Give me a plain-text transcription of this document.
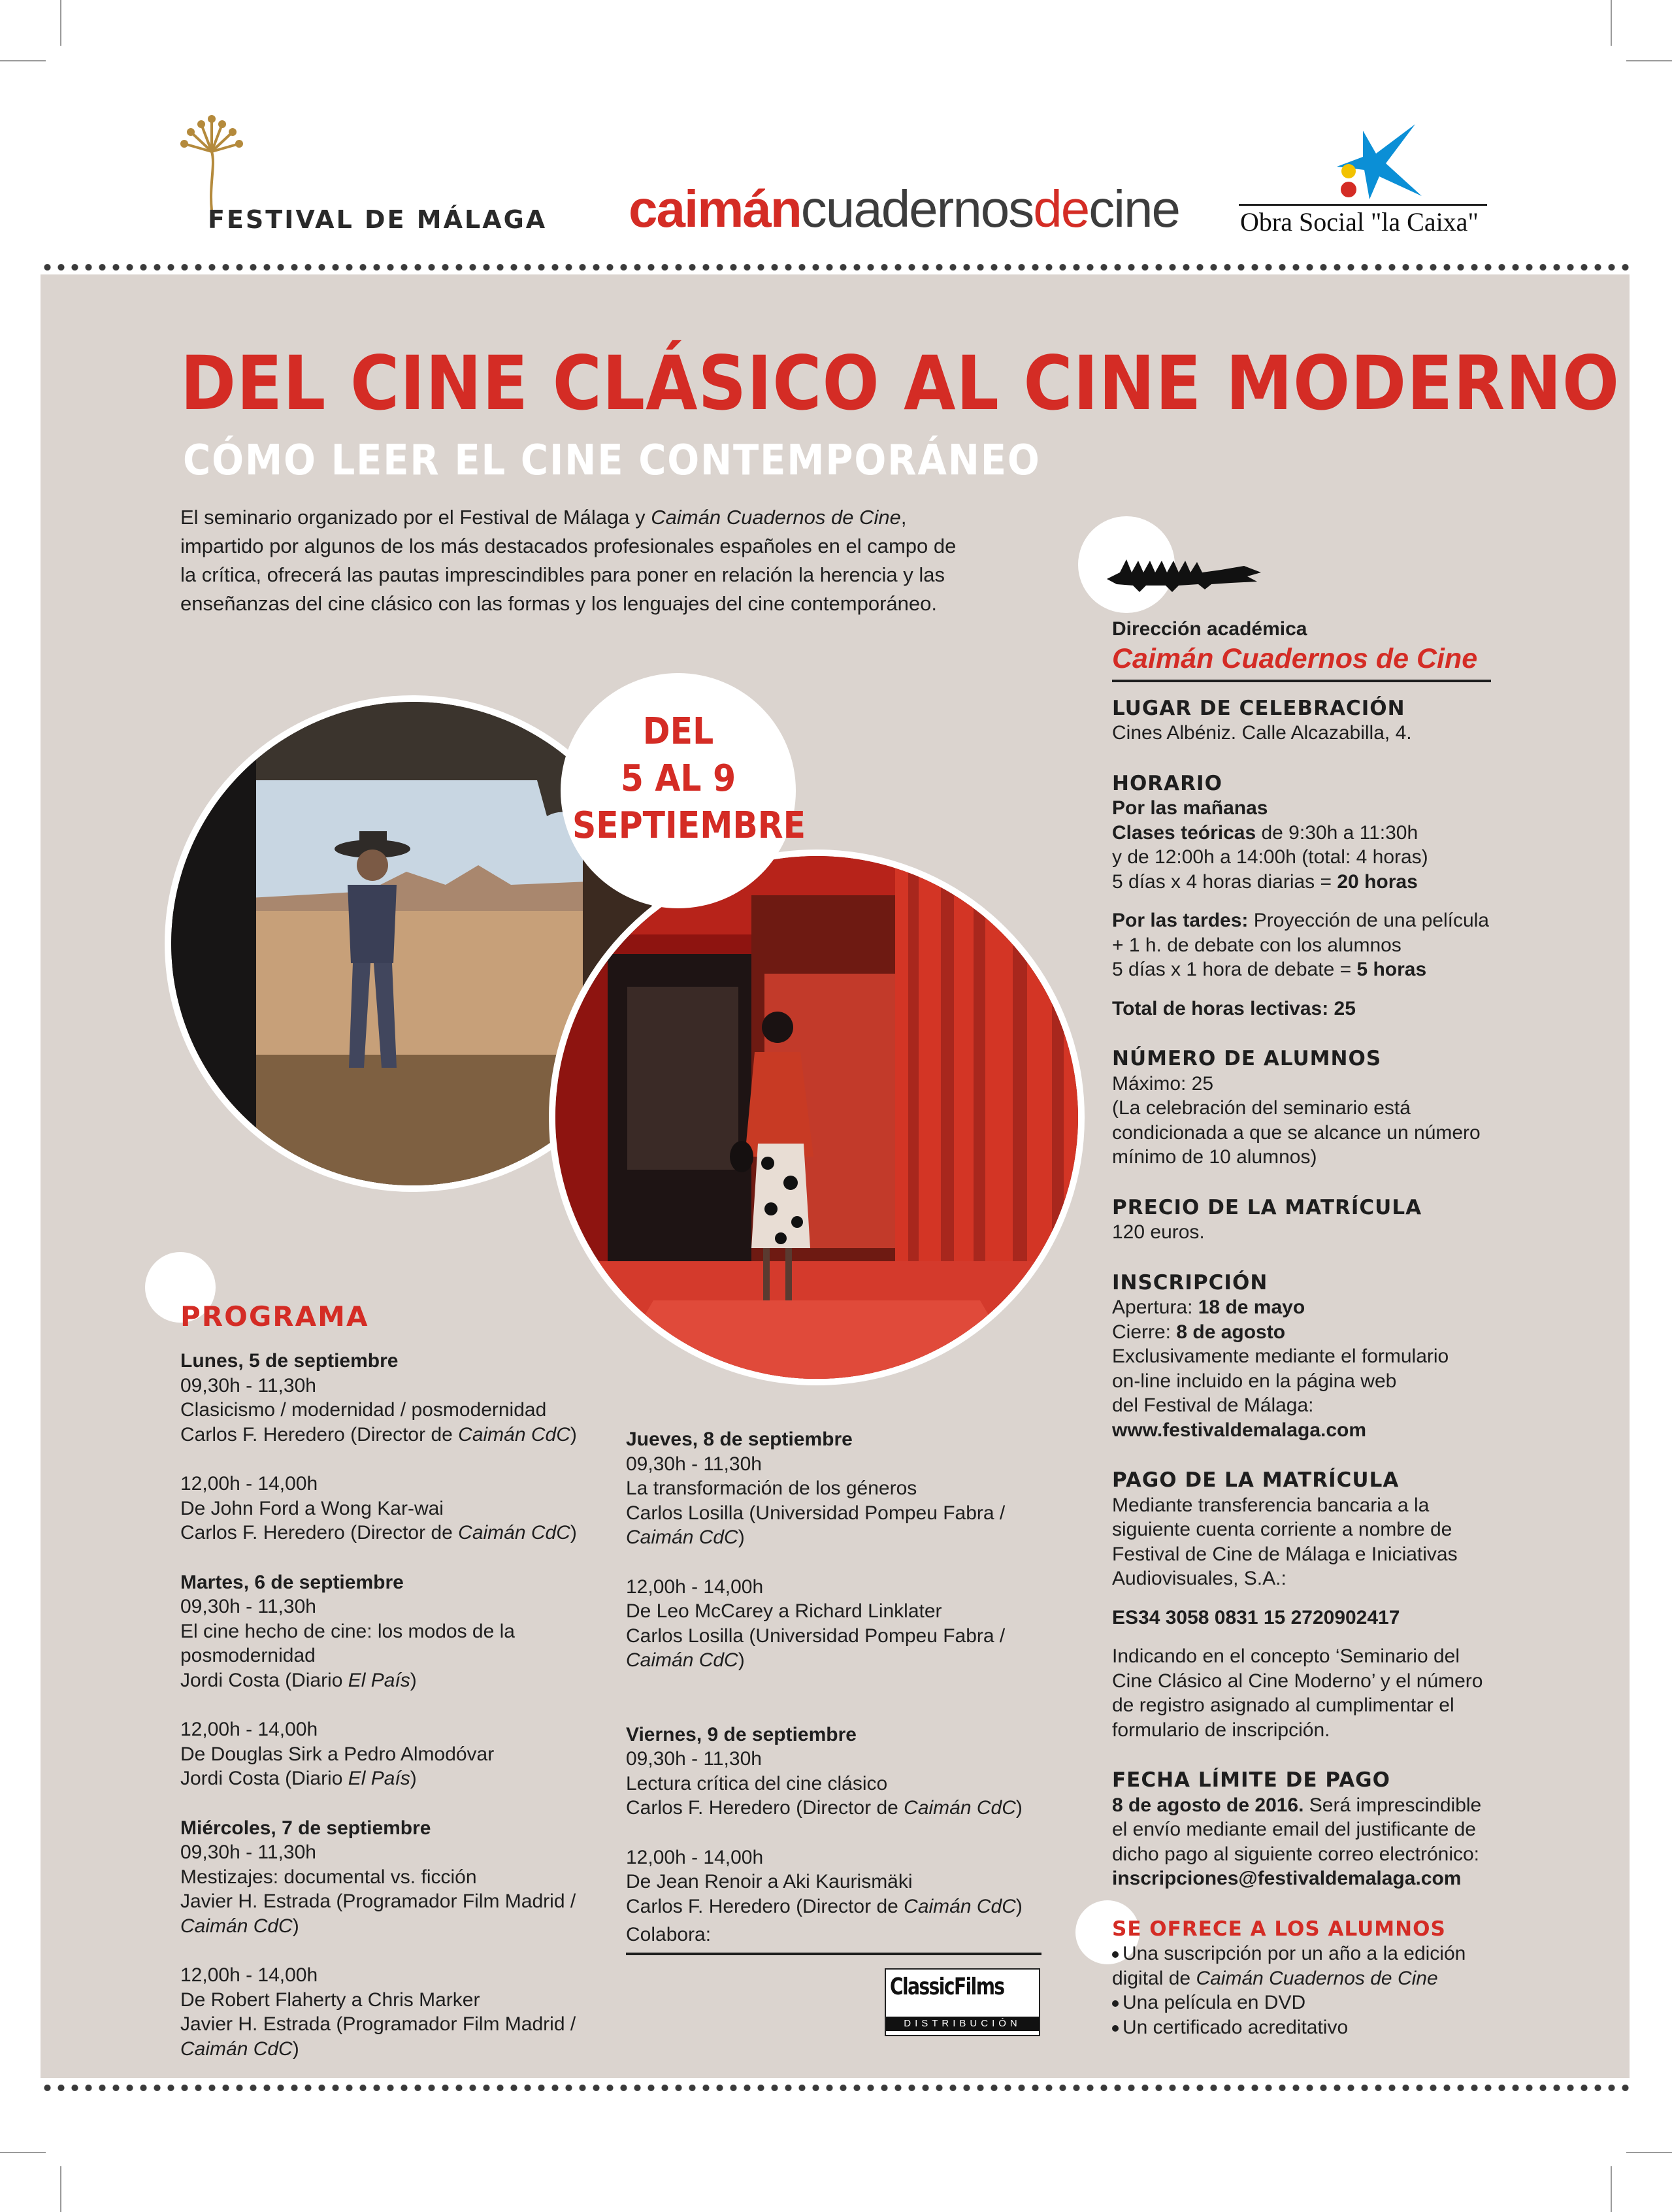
FESTIVAL DE MÁLAGA caimáncuadernosdecine Obra Social "la Caixa"
DEL CINE CLÁSICO AL CINE MODERNO
CÓMO LEER EL CINE CONTEMPORÁNEO

El seminario organizado por el Festival de Málaga y Caimán Cuadernos de Cine, impartido por algunos de los más destacados profesionales españoles en el campo de la crítica, ofrecerá las pautas imprescindibles para poner en relación la herencia y las enseñanzas del cine clásico con las formas y los lenguajes del cine contemporáneo.

DEL
5 AL 9
SEPTIEMBRE
PROGRAMA
Lunes, 5 de septiembre
09,30h - 11,30h
Clasicismo / modernidad / posmodernidad
Carlos F. Heredero (Director de Caimán CdC)
12,00h - 14,00h
De John Ford a Wong Kar-wai
Carlos F. Heredero (Director de Caimán CdC)
Martes, 6 de septiembre
09,30h - 11,30h
El cine hecho de cine: los modos de la
posmodernidad
Jordi Costa (Diario El País)
12,00h - 14,00h
De Douglas Sirk a Pedro Almodóvar
Jordi Costa (Diario El País)
Miércoles, 7 de septiembre
09,30h - 11,30h
Mestizajes: documental vs. ficción
Javier H. Estrada (Programador Film Madrid /
Caimán CdC)
12,00h - 14,00h
De Robert Flaherty a Chris Marker
Javier H. Estrada (Programador Film Madrid /
Caimán CdC)
Jueves, 8 de septiembre
09,30h - 11,30h
La transformación de los géneros
Carlos Losilla (Universidad Pompeu Fabra /
Caimán CdC)
12,00h - 14,00h
De Leo McCarey a Richard Linklater
Carlos Losilla (Universidad Pompeu Fabra /
Caimán CdC)
Viernes, 9 de septiembre
09,30h - 11,30h
Lectura crítica del cine clásico
Carlos F. Heredero (Director de Caimán CdC)
12,00h - 14,00h
De Jean Renoir a Aki Kaurismäki
Carlos F. Heredero (Director de Caimán CdC)
Colabora:
ClassicFilms
DISTRIBUCIÓN
Dirección académica
Caimán Cuadernos de Cine
LUGAR DE CELEBRACIÓN
Cines Albéniz. Calle Alcazabilla, 4.
HORARIO
Por las mañanas
Clases teóricas de 9:30h a 11:30h
y de 12:00h a 14:00h (total: 4 horas)
5 días x 4 horas diarias = 20 horas
Por las tardes: Proyección de una película
+ 1 h. de debate con los alumnos
5 días x 1 hora de debate = 5 horas
Total de horas lectivas: 25
NÚMERO DE ALUMNOS
Máximo: 25
(La celebración del seminario está
condicionada a que se alcance un número
mínimo de 10 alumnos)
PRECIO DE LA MATRÍCULA
120 euros.
INSCRIPCIÓN
Apertura: 18 de mayo
Cierre: 8 de agosto
Exclusivamente mediante el formulario
on-line incluido en la página web
del Festival de Málaga:
www.festivaldemalaga.com
PAGO DE LA MATRÍCULA
Mediante transferencia bancaria a la
siguiente cuenta corriente a nombre de
Festival de Cine de Málaga e Iniciativas
Audiovisuales, S.A.:
ES34 3058 0831 15 2720902417
Indicando en el concepto ‘Seminario del
Cine Clásico al Cine Moderno’ y el número
de registro asignado al cumplimentar el
formulario de inscripción.
FECHA LÍMITE DE PAGO
8 de agosto de 2016. Será imprescindible
el envío mediante email del justificante de
dicho pago al siguiente correo electrónico:
inscripciones@festivaldemalaga.com
SE OFRECE A LOS ALUMNOS
Una suscripción por un año a la edición
digital de Caimán Cuadernos de Cine
Una película en DVD
Un certificado acreditativo
